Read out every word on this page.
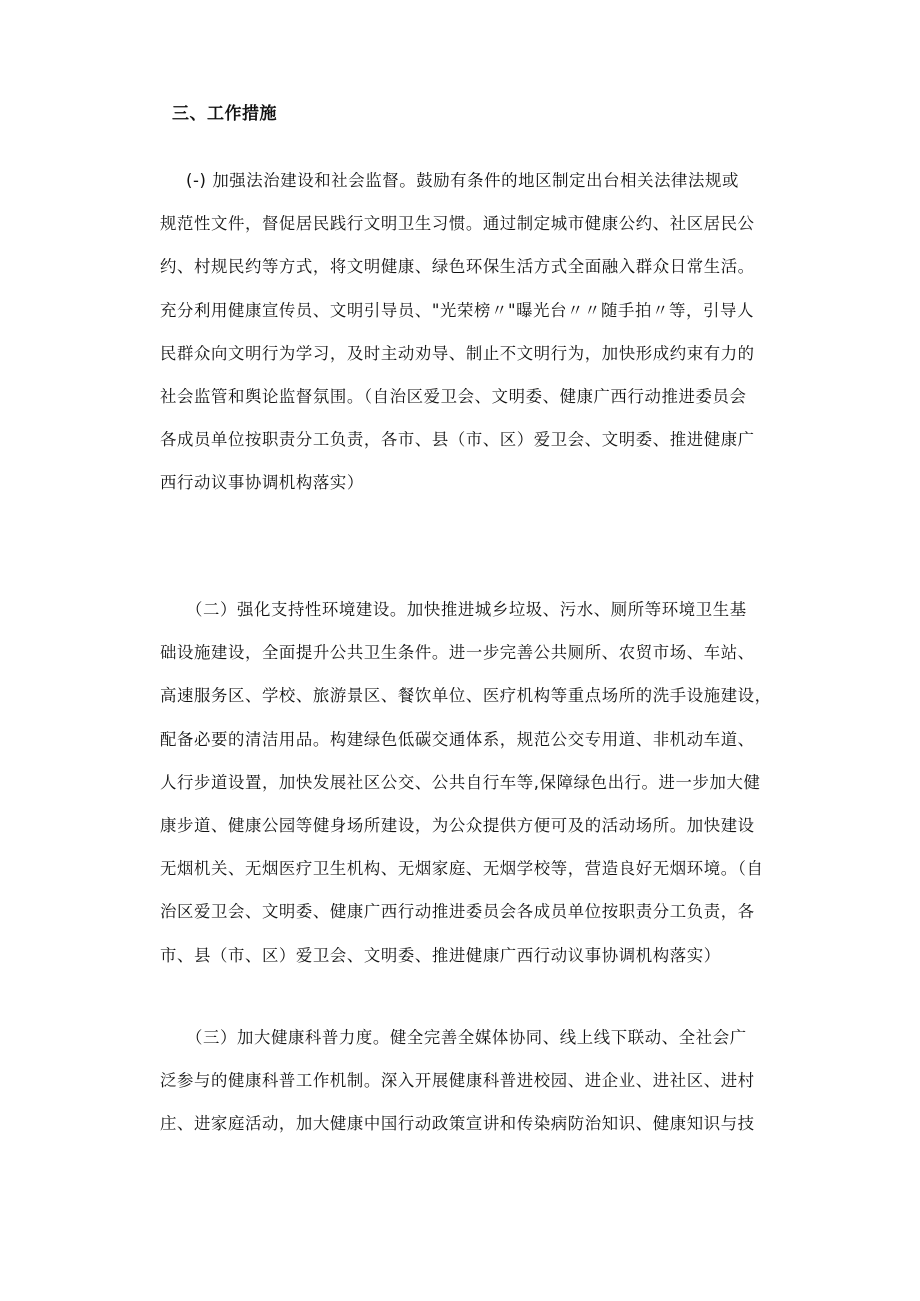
三、工作措施
(-) 加强法治建设和社会监督。鼓励有条件的地区制定出台相关法律法规或
规范性文件，督促居民践行文明卫生习惯。通过制定城市健康公约、社区居民公
约、村规民约等方式，将文明健康、绿色环保生活方式全面融入群众日常生活。
充分利用健康宣传员、文明引导员、"光荣榜〃"曝光台〃〃随手拍〃等，引导人
民群众向文明行为学习，及时主动劝导、制止不文明行为，加快形成约束有力的
社会监管和舆论监督氛围。（自治区爱卫会、文明委、健康广西行动推进委员会
各成员单位按职责分工负责，各市、县（市、区）爱卫会、文明委、推进健康广
西行动议事协调机构落实）
（二）强化支持性环境建设。加快推进城乡垃圾、污水、厕所等环境卫生基
础设施建设，全面提升公共卫生条件。进一步完善公共厕所、农贸市场、车站、
高速服务区、学校、旅游景区、餐饮单位、医疗机构等重点场所的洗手设施建设，
配备必要的清洁用品。构建绿色低碳交通体系，规范公交专用道、非机动车道、
人行步道设置，加快发展社区公交、公共自行车等,保障绿色出行。进一步加大健
康步道、健康公园等健身场所建设，为公众提供方便可及的活动场所。加快建设
无烟机关、无烟医疗卫生机构、无烟家庭、无烟学校等，营造良好无烟环境。（自
治区爱卫会、文明委、健康广西行动推进委员会各成员单位按职责分工负责，各
市、县（市、区）爱卫会、文明委、推进健康广西行动议事协调机构落实）
（三）加大健康科普力度。健全完善全媒体协同、线上线下联动、全社会广
泛参与的健康科普工作机制。深入开展健康科普进校园、进企业、进社区、进村
庄、进家庭活动，加大健康中国行动政策宣讲和传染病防治知识、健康知识与技
